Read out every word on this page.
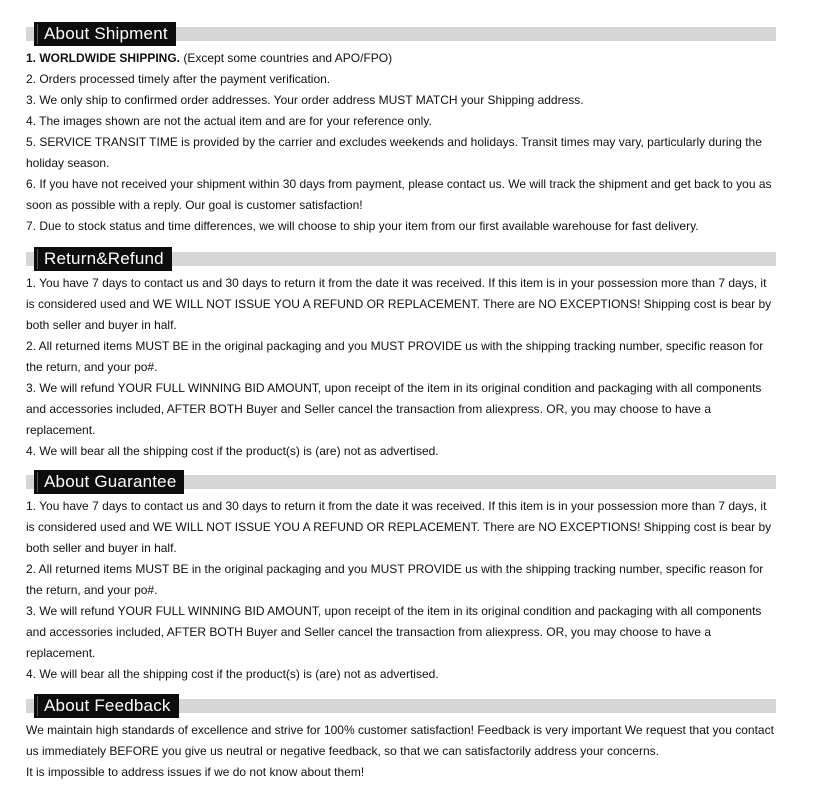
About Shipment

1. WORLDWIDE SHIPPING. (Except some countries and APO/FPO)

2. Orders processed timely after the payment verification.

3. We only ship to confirmed order addresses. Your order address MUST MATCH your Shipping address.

4. The images shown are not the actual item and are for your reference only.

5. SERVICE TRANSIT TIME is provided by the carrier and excludes weekends and holidays. Transit times may vary, particularly during the

holiday season.

6. If you have not received your shipment within 30 days from payment, please contact us. We will track the shipment and get back to you as

soon as possible with a reply. Our goal is customer satisfaction!

7. Due to stock status and time differences, we will choose to ship your item from our first available warehouse for fast delivery.

Return&Refund

1. You have 7 days to contact us and 30 days to return it from the date it was received. If this item is in your possession more than 7 days, it

is considered used and WE WILL NOT ISSUE YOU A REFUND OR REPLACEMENT. There are NO EXCEPTIONS! Shipping cost is bear by

both seller and buyer in half.

2. All returned items MUST BE in the original packaging and you MUST PROVIDE us with the shipping tracking number, specific reason for

the return, and your po#.

3. We will refund YOUR FULL WINNING BID AMOUNT, upon receipt of the item in its original condition and packaging with all components

and accessories included, AFTER BOTH Buyer and Seller cancel the transaction from aliexpress. OR, you may choose to have a

replacement.

4. We will bear all the shipping cost if the product(s) is (are) not as advertised.

About Guarantee

1. You have 7 days to contact us and 30 days to return it from the date it was received. If this item is in your possession more than 7 days, it

is considered used and WE WILL NOT ISSUE YOU A REFUND OR REPLACEMENT. There are NO EXCEPTIONS! Shipping cost is bear by

both seller and buyer in half.

2. All returned items MUST BE in the original packaging and you MUST PROVIDE us with the shipping tracking number, specific reason for

the return, and your po#.

3. We will refund YOUR FULL WINNING BID AMOUNT, upon receipt of the item in its original condition and packaging with all components

and accessories included, AFTER BOTH Buyer and Seller cancel the transaction from aliexpress. OR, you may choose to have a

replacement.

4. We will bear all the shipping cost if the product(s) is (are) not as advertised.

About Feedback

We maintain high standards of excellence and strive for 100% customer satisfaction! Feedback is very important We request that you contact

us immediately BEFORE you give us neutral or negative feedback, so that we can satisfactorily address your concerns.

It is impossible to address issues if we do not know about them!
